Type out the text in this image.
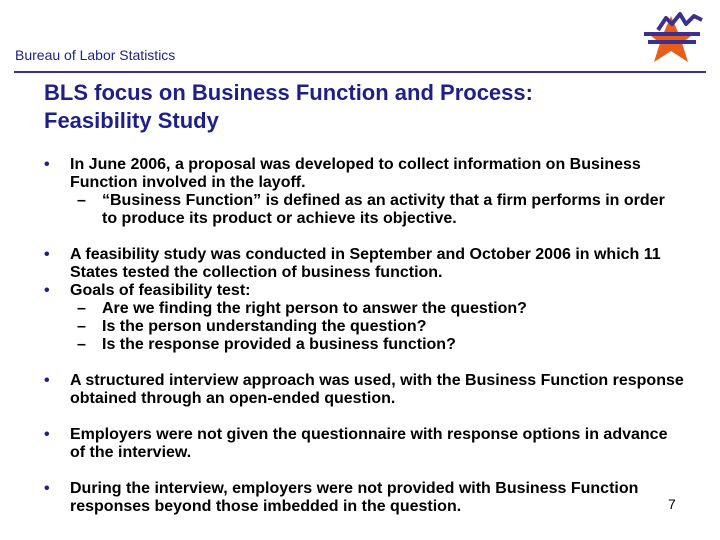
Bureau of Labor Statistics
BLS focus on Business Function and Process:
Feasibility Study
• In June 2006, a proposal was developed to collect information on Business Function involved in the layoff.
– “Business Function” is defined as an activity that a firm performs in order to produce its product or achieve its objective.
• A feasibility study was conducted in September and October 2006 in which 11 States tested the collection of business function.
• Goals of feasibility test:
– Are we finding the right person to answer the question?
– Is the person understanding the question?
– Is the response provided a business function?
• A structured interview approach was used, with the Business Function response obtained through an open-ended question.
• Employers were not given the questionnaire with response options in advance of the interview.
• During the interview, employers were not provided with Business Function responses beyond those imbedded in the question.	7
